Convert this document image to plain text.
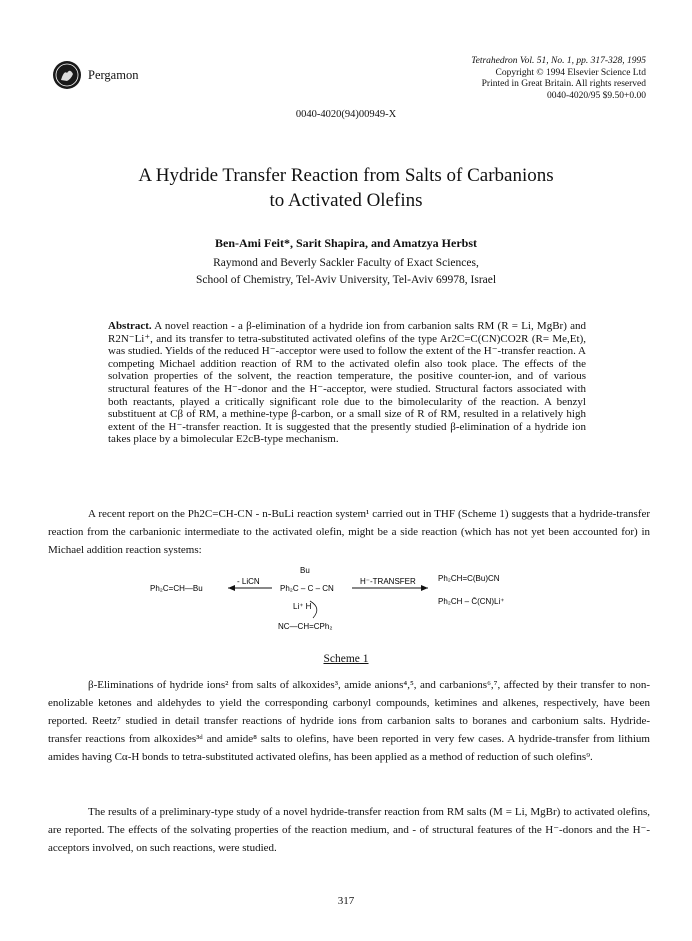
Pergamon
Tetrahedron Vol. 51, No. 1, pp. 317-328, 1995
Copyright © 1994 Elsevier Science Ltd
Printed in Great Britain. All rights reserved
0040-4020/95 $9.50+0.00
0040-4020(94)00949-X
A Hydride Transfer Reaction from Salts of Carbanions
to Activated Olefins
Ben-Ami Feit*, Sarit Shapira, and Amatzya Herbst
Raymond and Beverly Sackler Faculty of Exact Sciences,
School of Chemistry, Tel-Aviv University, Tel-Aviv 69978, Israel

Abstract. A novel reaction - a β-elimination of a hydride ion from carbanion salts RM (R = Li, MgBr) and R2N⁻Li⁺, and its transfer to tetra-substituted activated olefins of the type Ar2C=C(CN)CO2R (R= Me,Et), was studied. Yields of the reduced H⁻-acceptor were used to follow the extent of the H⁻-transfer reaction. A competing Michael addition reaction of RM to the activated olefin also took place. The effects of the solvation properties of the solvent, the reaction temperature, the positive counter-ion, and of various structural features of the H⁻-donor and the H⁻-acceptor, were studied. Structural factors associated with both reactants, played a critically significant role due to the bimolecularity of the reaction. A benzyl substituent at Cβ of RM, a methine-type β-carbon, or a small size of R of RM, resulted in a relatively high extent of the H⁻-transfer reaction. It is suggested that the presently studied β-elimination of a hydride ion takes place by a bimolecular E2cB-type mechanism.

A recent report on the Ph2C=CH-CN - n-BuLi reaction system¹ carried out in THF (Scheme 1) suggests that a hydride-transfer reaction from the carbanionic intermediate to the activated olefin, might be a side reaction (which has not yet been accounted for) in Michael addition reaction systems:

Ph₂C=CH—Bu
- LiCN
Bu
Ph₂C – C – CN
Li⁺ H
NC—CH=CPh₂
H⁻-TRANSFER	Ph₂CH=C(Bu)CN
Ph₂CH – C̄(CN)Li⁺
Scheme 1

β-Eliminations of hydride ions² from salts of alkoxides³, amide anions⁴,⁵, and carbanions⁶,⁷, affected by their transfer to non-enolizable ketones and aldehydes to yield the corresponding carbonyl compounds, ketimines and alkenes, respectively, have been reported. Reetz⁷ studied in detail transfer reactions of hydride ions from carbanion salts to boranes and carbonium salts. Hydride-transfer reactions from alkoxides³ᵈ and amide⁸ salts to olefins, have been reported in very few cases. A hydride-transfer from lithium amides having Cα-H bonds to tetra-substituted activated olefins, has been applied as a method of reduction of such olefins⁹.

The results of a preliminary-type study of a novel hydride-transfer reaction from RM salts (M = Li, MgBr) to activated olefins, are reported. The effects of the solvating properties of the reaction medium, and - of structural features of the H⁻-donors and the H⁻-acceptors involved, on such reactions, were studied.

317
